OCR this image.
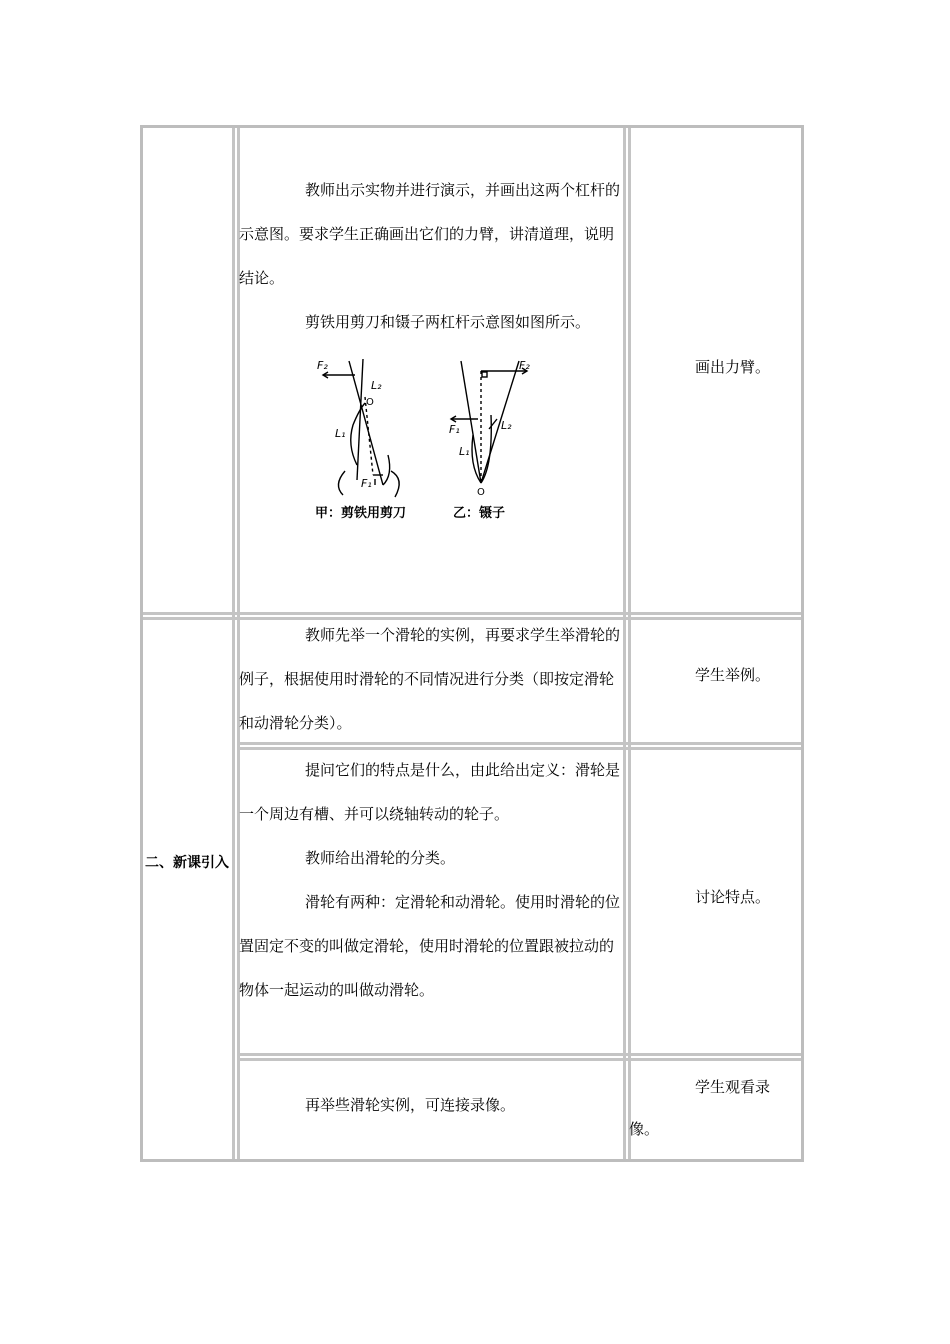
教师出示实物并进行演示，并画出这两个杠杆的示意图。要求学生正确画出它们的力臂，讲清道理，说明结论。

剪铁用剪刀和镊子两杠杆示意图如图所示。

F₂
L₂
O
L₁
F₁
甲：剪铁用剪刀
F₂
F₁	L₂
L₁
O
乙：镊子
画出力臂。
二、新课引入

教师先举一个滑轮的实例，再要求学生举滑轮的例子，根据使用时滑轮的不同情况进行分类（即按定滑轮和动滑轮分类）。

学生举例。

提问它们的特点是什么，由此给出定义：滑轮是一个周边有槽、并可以绕轴转动的轮子。

教师给出滑轮的分类。

滑轮有两种：定滑轮和动滑轮。使用时滑轮的位置固定不变的叫做定滑轮，使用时滑轮的位置跟被拉动的物体一起运动的叫做动滑轮。

讨论特点。

再举些滑轮实例，可连接录像。

学生观看录像。
